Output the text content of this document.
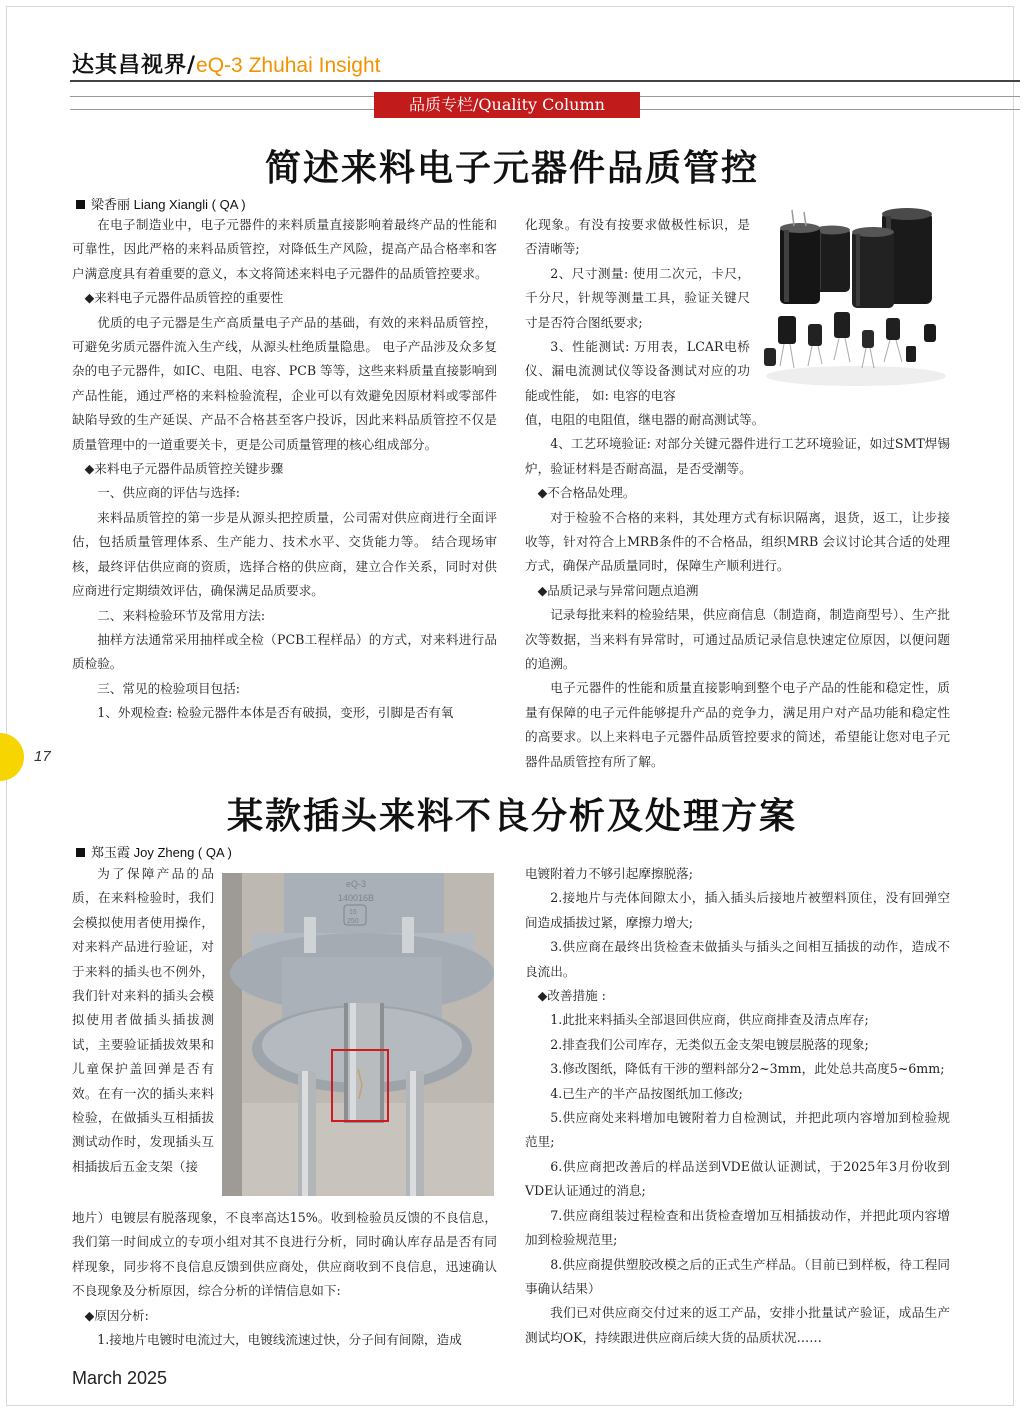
达其昌视界/eQ-3 Zhuhai Insight
品质专栏/Quality Column
简述来料电子元器件品质管控
梁香丽 Liang Xiangli ( QA )

在电子制造业中，电子元器件的来料质量直接影响着最终产品的性能和可靠性，因此严格的来料品质管控，对降低生产风险，提高产品合格率和客户满意度具有着重要的意义，本文将简述来料电子元器件的品质管控要求。

◆来料电子元器件品质管控的重要性

优质的电子元器是生产高质量电子产品的基础，有效的来料品质管控，可避免劣质元器件流入生产线，从源头杜绝质量隐患。 电子产品涉及众多复杂的电子元器件，如IC、电阻、电容、PCB 等等，这些来料质量直接影响到产品性能，通过严格的来料检验流程，企业可以有效避免因原材料或零部件缺陷导致的生产延误、产品不合格甚至客户投诉，因此来料品质管控不仅是质量管理中的一道重要关卡，更是公司质量管理的核心组成部分。

◆来料电子元器件品质管控关键步骤

一、供应商的评估与选择:

来料品质管控的第一步是从源头把控质量，公司需对供应商进行全面评估，包括质量管理体系、生产能力、技术水平、交货能力等。 结合现场审核，最终评估供应商的资质，选择合格的供应商，建立合作关系，同时对供应商进行定期绩效评估，确保满足品质要求。

二、来料检验环节及常用方法:

抽样方法通常采用抽样或全检（PCB工程样品）的方式，对来料进行品质检验。

三、常见的检验项目包括:

1、外观检查: 检验元器件本体是否有破损，变形，引脚是否有氧

化现象。有没有按要求做极性标识，是否清晰等;

2、尺寸测量: 使用二次元，卡尺，千分尺，针规等测量工具，验证关键尺寸是否符合图纸要求;

3、性能测试: 万用表，LCAR电桥仪、漏电流测试仪等设备测试对应的功能或性能， 如: 电容的电容

值，电阻的电阻值，继电器的耐高测试等。

4、工艺环境验证: 对部分关键元器件进行工艺环境验证，如过SMT焊锡炉，验证材料是否耐高温，是否受潮等。

◆不合格品处理。

对于检验不合格的来料，其处理方式有标识隔离，退货，返工，让步接收等，针对符合上MRB条件的不合格品，组织MRB 会议讨论其合适的处理方式，确保产品质量同时，保障生产顺利进行。

◆品质记录与异常问题点追溯

记录每批来料的检验结果，供应商信息（制造商，制造商型号）、生产批次等数据，当来料有异常时，可通过品质记录信息快速定位原因，以便问题的追溯。

电子元器件的性能和质量直接影响到整个电子产品的性能和稳定性，质量有保障的电子元件能够提升产品的竞争力，满足用户对产品功能和稳定性的高要求。以上来料电子元器件品质管控要求的简述，希望能让您对电子元器件品质管控有所了解。

17
某款插头来料不良分析及处理方案
郑玉霞 Joy Zheng ( QA )

为了保障产品的品质，在来料检验时，我们会模拟使用者使用操作，对来料产品进行验证，对于来料的插头也不例外，我们针对来料的插头会模拟使用者做插头插拔测试，主要验证插拔效果和儿童保护盖回弹是否有效。在有一次的插头来料检验，在做插头互相插拔测试动作时，发现插头互相插拔后五金支架（接

eQ-3
140016B
16
250

地片）电镀层有脱落现象，不良率高达15%。收到检验员反馈的不良信息，我们第一时间成立的专项小组对其不良进行分析，同时确认库存品是否有同样现象，同步将不良信息反馈到供应商处，供应商收到不良信息，迅速确认不良现象及分析原因，综合分析的详情信息如下:

◆原因分析:

1.接地片电镀时电流过大，电镀线流速过快，分子间有间隙，造成

电镀附着力不够引起摩擦脱落;

2.接地片与壳体间隙太小，插入插头后接地片被塑料顶住，没有回弹空间造成插拔过紧，摩擦力增大;

3.供应商在最终出货检查未做插头与插头之间相互插拔的动作，造成不良流出。

◆改善措施 :

1.此批来料插头全部退回供应商，供应商排查及清点库存;

2.排查我们公司库存，无类似五金支架电镀层脱落的现象;

3.修改图纸，降低有干涉的塑料部分2~3mm，此处总共高度5~6mm;

4.已生产的半产品按图纸加工修改;

5.供应商处来料增加电镀附着力自检测试，并把此项内容增加到检验规范里;

6.供应商把改善后的样品送到VDE做认证测试，于2025年3月份收到VDE认证通过的消息;

7.供应商组装过程检查和出货检查增加互相插拔动作，并把此项内容增加到检验规范里;

8.供应商提供塑胶改模之后的正式生产样品。（目前已到样板，待工程同事确认结果）

我们已对供应商交付过来的返工产品，安排小批量试产验证，成品生产测试均OK，持续跟进供应商后续大货的品质状况……

March 2025
